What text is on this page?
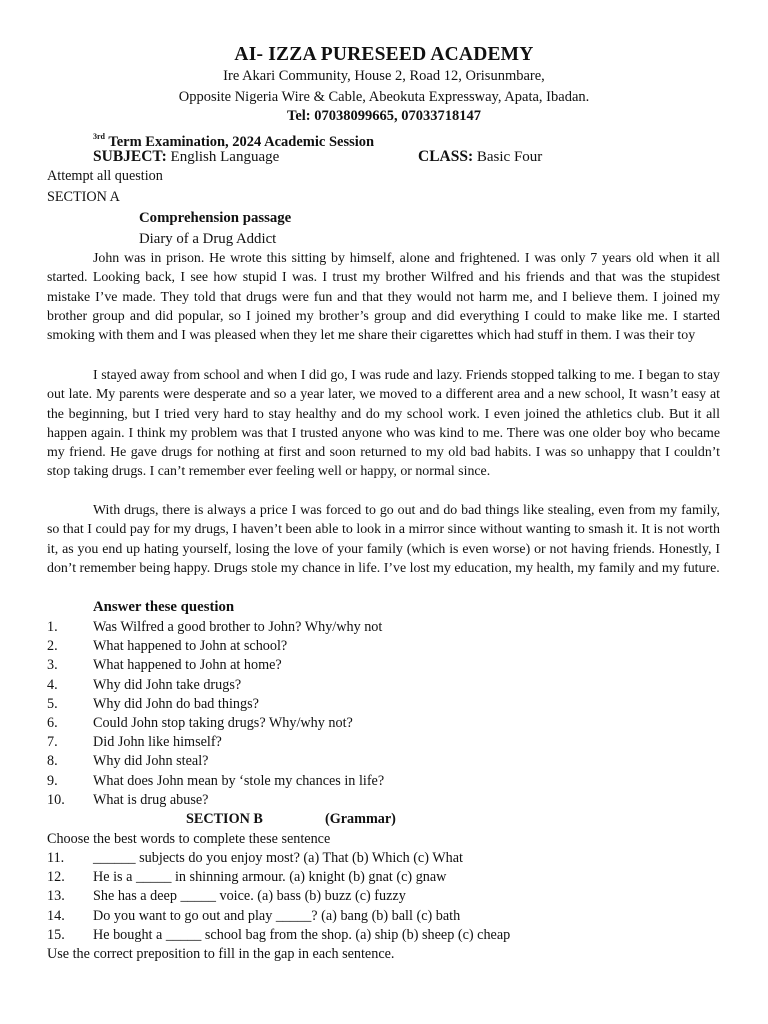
AI- IZZA PURESEED ACADEMY
Ire Akari Community, House 2, Road 12, Orisunmbare,
Opposite Nigeria Wire & Cable, Abeokuta Expressway, Apata, Ibadan.
Tel: 07038099665, 07033718147
$^{3rd}$ Term Examination, 2024 Academic Session
SUBJECT: English Language	CLASS: Basic Four
Attempt all question
SECTION A
Comprehension passage
Diary of a Drug Addict

John was in prison. He wrote this sitting by himself, alone and frightened. I was only 7 years old when it all started. Looking back, I see how stupid I was. I trust my brother Wilfred and his friends and that was the stupidest mistake I’ve made. They told that drugs were fun and that they would not harm me, and I believe them. I joined my brother group and did popular, so I joined my brother’s group and did everything I could to make like me. I started smoking with them and I was pleased when they let me share their cigarettes which had stuff in them. I was their toy

I stayed away from school and when I did go, I was rude and lazy. Friends stopped talking to me. I began to stay out late. My parents were desperate and so a year later, we moved to a different area and a new school, It wasn’t easy at the beginning, but I tried very hard to stay healthy and do my school work. I even joined the athletics club. But it all happen again. I think my problem was that I trusted anyone who was kind to me. There was one older boy who became my friend. He gave drugs for nothing at first and soon returned to my old bad habits. I was so unhappy that I couldn’t stop taking drugs. I can’t remember ever feeling well or happy, or normal since.

With drugs, there is always a price I was forced to go out and do bad things like stealing, even from my family, so that I could pay for my drugs, I haven’t been able to look in a mirror since without wanting to smash it. It is not worth it, as you end up hating yourself, losing the love of your family (which is even worse) or not having friends. Honestly, I don’t remember being happy. Drugs stole my chance in life. I’ve lost my education, my health, my family and my future.

Answer these question
1. Was Wilfred a good brother to John? Why/why not
2. What happened to John at school?
3. What happened to John at home?
4. Why did John take drugs?
5. Why did John do bad things?
6. Could John stop taking drugs? Why/why not?
7. Did John like himself?
8. Why did John steal?
9. What does John mean by ‘stole my chances in life?
10. What is drug abuse?
SECTION B	(Grammar)
Choose the best words to complete these sentence
11. ______ subjects do you enjoy most? (a) That (b) Which (c) What
12. He is a _____ in shinning armour. (a) knight (b) gnat (c) gnaw
13. She has a deep _____ voice. (a) bass (b) buzz (c) fuzzy
14. Do you want to go out and play _____? (a) bang (b) ball (c) bath
15. He bought a _____ school bag from the shop. (a) ship (b) sheep (c) cheap
Use the correct preposition to fill in the gap in each sentence.
